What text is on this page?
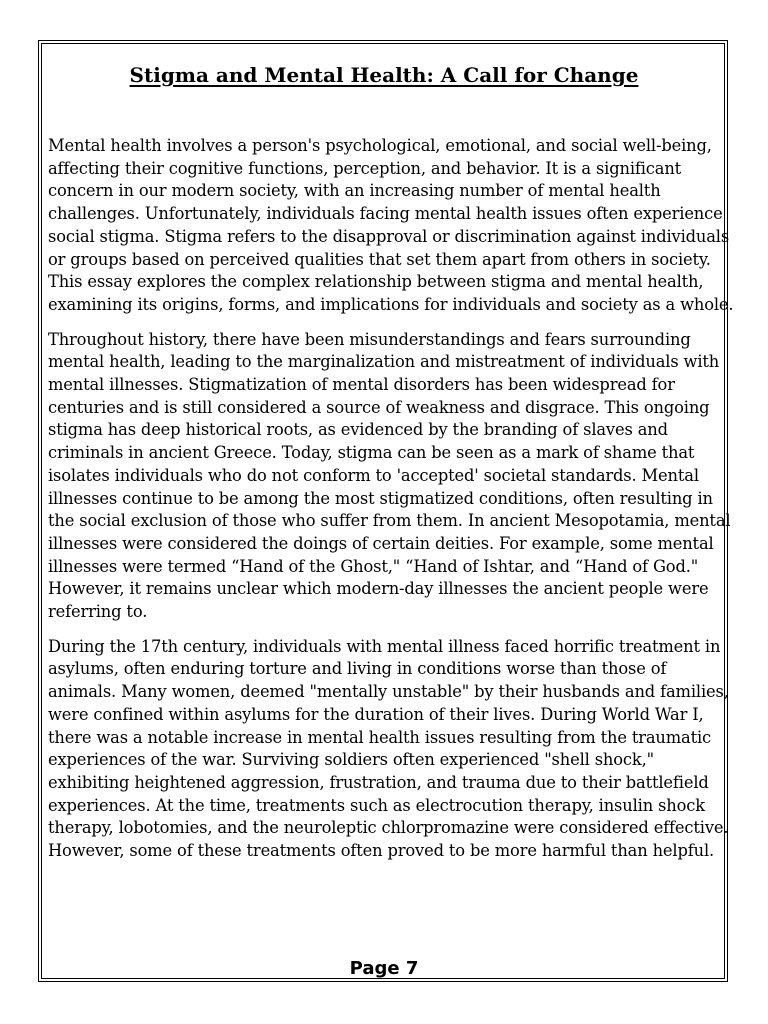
Stigma and Mental Health: A Call for Change

Mental health involves a person's psychological, emotional, and social well-being, affecting their cognitive functions, perception, and behavior. It is a significant concern in our modern society, with an increasing number of mental health challenges. Unfortunately, individuals facing mental health issues often experience social stigma. Stigma refers to the disapproval or discrimination against individuals or groups based on perceived qualities that set them apart from others in society. This essay explores the complex relationship between stigma and mental health, examining its origins, forms, and implications for individuals and society as a whole.

Throughout history, there have been misunderstandings and fears surrounding mental health, leading to the marginalization and mistreatment of individuals with mental illnesses. Stigmatization of mental disorders has been widespread for centuries and is still considered a source of weakness and disgrace. This ongoing stigma has deep historical roots, as evidenced by the branding of slaves and criminals in ancient Greece. Today, stigma can be seen as a mark of shame that isolates individuals who do not conform to 'accepted' societal standards. Mental illnesses continue to be among the most stigmatized conditions, often resulting in the social exclusion of those who suffer from them. In ancient Mesopotamia, mental illnesses were considered the doings of certain deities. For example, some mental illnesses were termed “Hand of the Ghost," “Hand of Ishtar, and “Hand of God." However, it remains unclear which modern-day illnesses the ancient people were referring to.

During the 17th century, individuals with mental illness faced horrific treatment in asylums, often enduring torture and living in conditions worse than those of animals. Many women, deemed "mentally unstable" by their husbands and families, were confined within asylums for the duration of their lives. During World War I, there was a notable increase in mental health issues resulting from the traumatic experiences of the war. Surviving soldiers often experienced "shell shock," exhibiting heightened aggression, frustration, and trauma due to their battlefield experiences. At the time, treatments such as electrocution therapy, insulin shock therapy, lobotomies, and the neuroleptic chlorpromazine were considered effective. However, some of these treatments often proved to be more harmful than helpful.

Page 7
